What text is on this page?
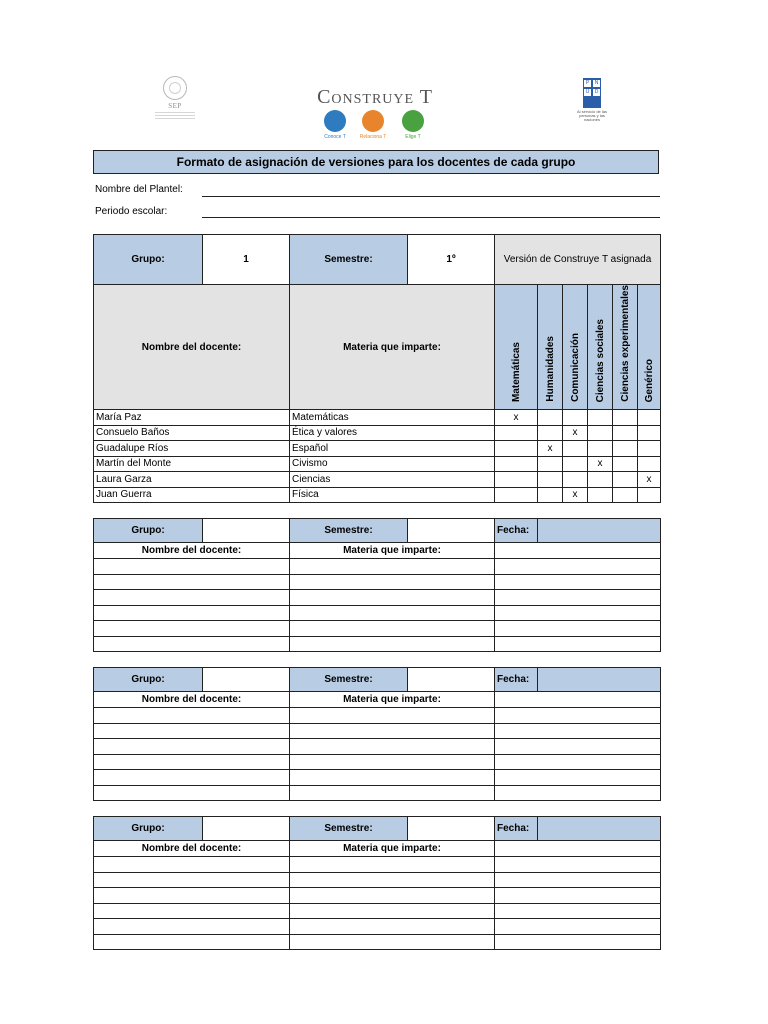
SEP	Construye T
Conoce T	Relaciona T	Elige T
P	N
U	D
Al servicio de las personas y las naciones
Formato de asignación de versiones para los docentes de cada grupo
Nombre del Plantel:
Periodo escolar:
Grupo:	1	Semestre:	1º	Versión de Construye T asignada					
Nombre del docente:		Materia que imparte:		Matemáticas	Humanidades	Comunicación	Ciencias sociales	Ciencias experimentales	Genérico
María Paz		Matemáticas		x					
Consuelo Baños		Ética y valores				x			
Guadalupe Ríos		Español			x				
Martín del Monte		Civismo					x		
Laura Garza		Ciencias							x
Juan Guerra		Física				x			
Grupo:		Semestre:		Fecha:	
Nombre del docente:		Materia que imparte:			

Grupo:		Semestre:		Fecha:	
Nombre del docente:		Materia que imparte:			

Grupo:		Semestre:		Fecha:	
Nombre del docente:		Materia que imparte:			
